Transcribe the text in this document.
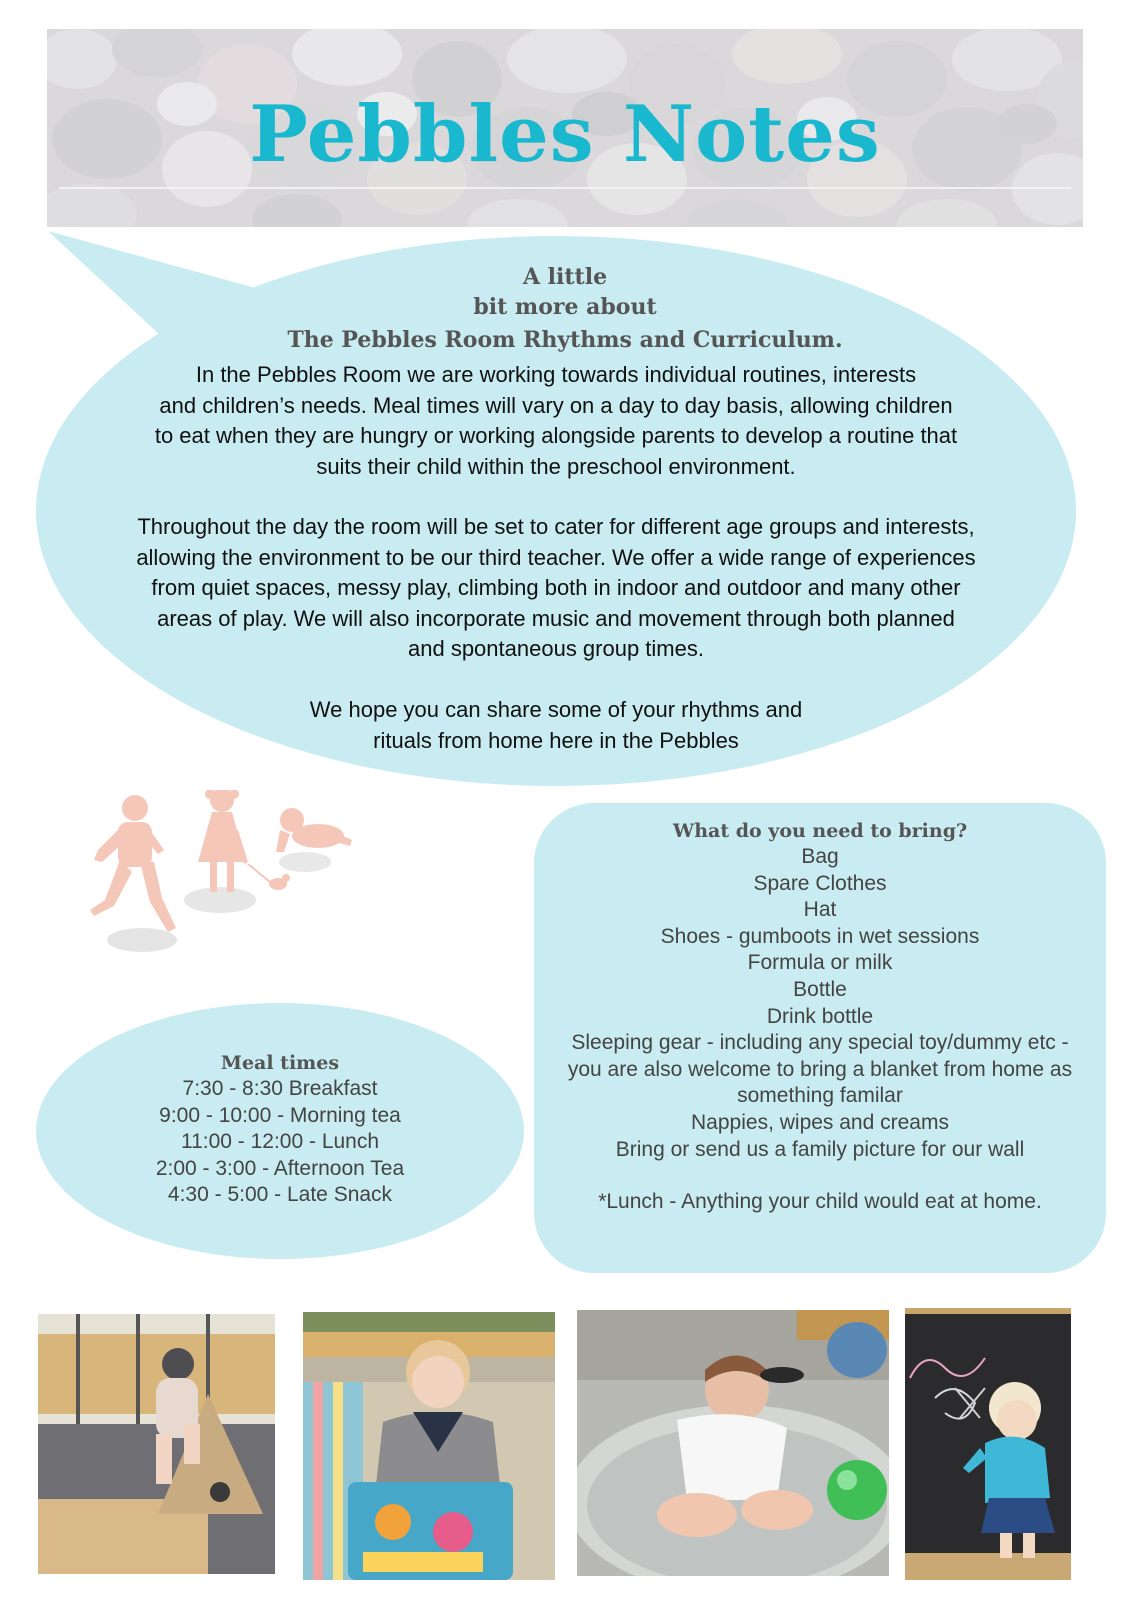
Pebbles Notes
A little
bit more about
The Pebbles Room Rhythms and Curriculum.
In the Pebbles Room we are working towards individual routines, interests
and children’s needs. Meal times will vary on a day to day basis, allowing children
to eat when they are hungry or working alongside parents to develop a routine that
suits their child within the preschool environment.
Throughout the day the room will be set to cater for different age groups and interests,
allowing the environment to be our third teacher. We offer a wide range of experiences
from quiet spaces, messy play, climbing both in indoor and outdoor and many other
areas of play. We will also incorporate music and movement through both planned
and spontaneous group times.
We hope you can share some of your rhythms and
rituals from home here in the Pebbles
What do you need to bring?
Bag
Spare Clothes
Hat
Shoes - gumboots in wet sessions
Formula or milk
Bottle
Drink bottle
Sleeping gear - including any special toy/dummy etc -
you are also welcome to bring a blanket from home as
something familar
Nappies, wipes and creams
Bring or send us a family picture for our wall
*Lunch - Anything your child would eat at home.
Meal times
7:30 - 8:30 Breakfast
9:00 - 10:00 - Morning tea
11:00 - 12:00 - Lunch
2:00 - 3:00 - Afternoon Tea
4:30 - 5:00 - Late Snack
